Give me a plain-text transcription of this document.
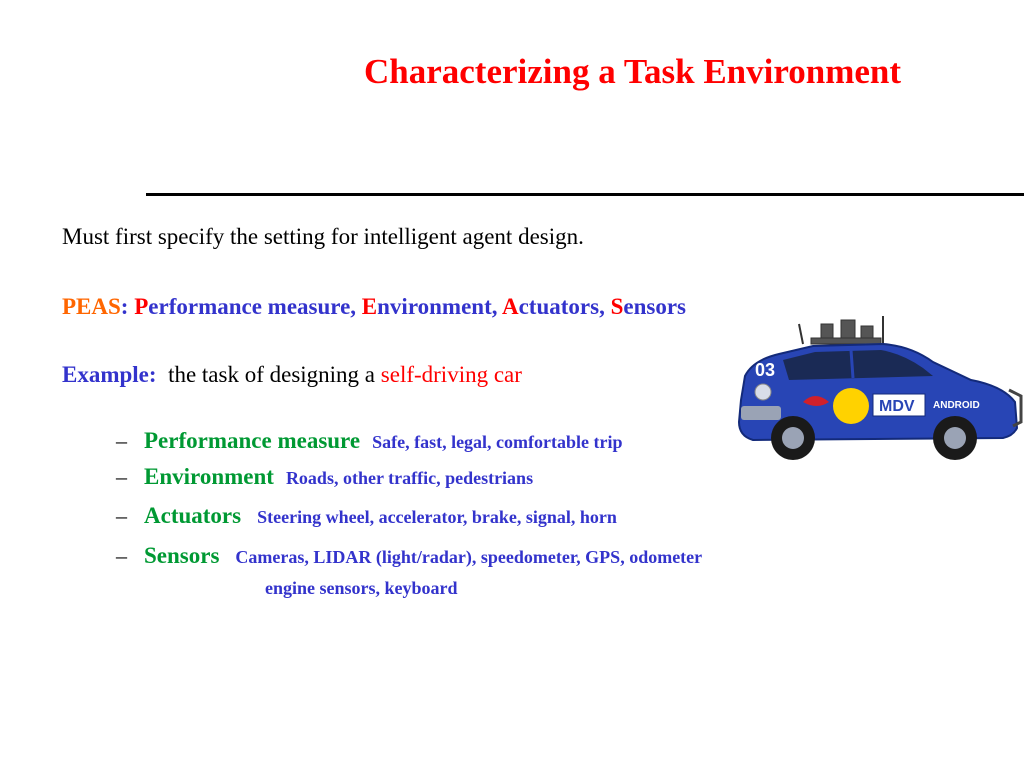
Characterizing a Task Environment
Must first specify the setting for intelligent agent design.
PEAS: Performance measure, Environment, Actuators, Sensors
Example: the task of designing a self-driving car
– Performance measure Safe, fast, legal, comfortable trip
– Environment Roads, other traffic, pedestrians
– Actuators Steering wheel, accelerator, brake, signal, horn
– Sensors Cameras, LIDAR (light/radar), speedometer, GPS, odometer
engine sensors, keyboard
03
MDV ANDROID
